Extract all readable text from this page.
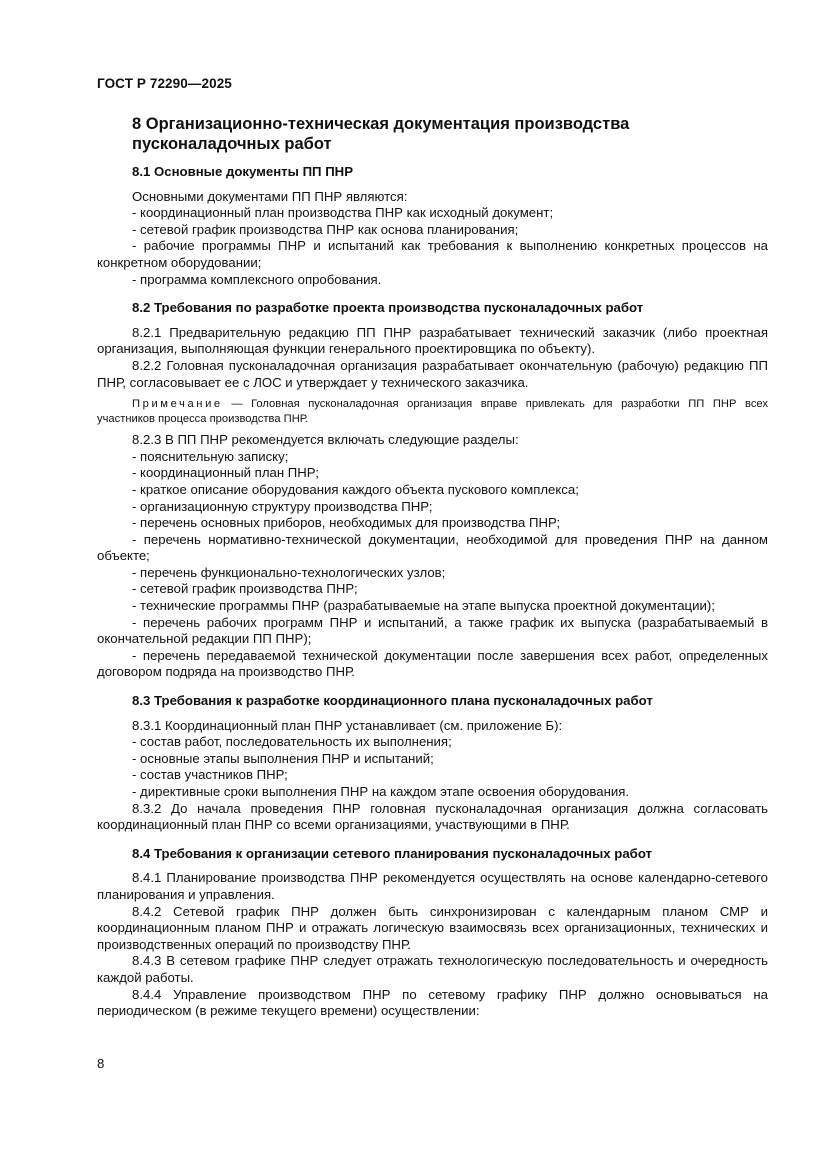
ГОСТ Р 72290—2025
8 Организационно-техническая документация производства
пусконаладочных работ
8.1 Основные документы ПП ПНР

Основными документами ПП ПНР являются:

- координационный план производства ПНР как исходный документ;

- сетевой график производства ПНР как основа планирования;

- рабочие программы ПНР и испытаний как требования к выполнению конкретных процессов на конкретном оборудовании;

- программа комплексного опробования.

8.2 Требования по разработке проекта производства пусконаладочных работ

8.2.1 Предварительную редакцию ПП ПНР разрабатывает технический заказчик (либо проектная организация, выполняющая функции генерального проектировщика по объекту).

8.2.2 Головная пусконаладочная организация разрабатывает окончательную (рабочую) редакцию ПП ПНР, согласовывает ее с ЛОС и утверждает у технического заказчика.

Примечание — Головная пусконаладочная организация вправе привлекать для разработки ПП ПНР всех участников процесса производства ПНР.

8.2.3 В ПП ПНР рекомендуется включать следующие разделы:

- пояснительную записку;

- координационный план ПНР;

- краткое описание оборудования каждого объекта пускового комплекса;

- организационную структуру производства ПНР;

- перечень основных приборов, необходимых для производства ПНР;

- перечень нормативно-технической документации, необходимой для проведения ПНР на данном объекте;

- перечень функционально-технологических узлов;

- сетевой график производства ПНР;

- технические программы ПНР (разрабатываемые на этапе выпуска проектной документации);

- перечень рабочих программ ПНР и испытаний, а также график их выпуска (разрабатываемый в окончательной редакции ПП ПНР);

- перечень передаваемой технической документации после завершения всех работ, определенных договором подряда на производство ПНР.

8.3 Требования к разработке координационного плана пусконаладочных работ

8.3.1 Координационный план ПНР устанавливает (см. приложение Б):

- состав работ, последовательность их выполнения;

- основные этапы выполнения ПНР и испытаний;

- состав участников ПНР;

- директивные сроки выполнения ПНР на каждом этапе освоения оборудования.

8.3.2 До начала проведения ПНР головная пусконаладочная организация должна согласовать координационный план ПНР со всеми организациями, участвующими в ПНР.

8.4 Требования к организации сетевого планирования пусконаладочных работ

8.4.1 Планирование производства ПНР рекомендуется осуществлять на основе календарно-сетевого планирования и управления.

8.4.2 Сетевой график ПНР должен быть синхронизирован с календарным планом СМР и координационным планом ПНР и отражать логическую взаимосвязь всех организационных, технических и производственных операций по производству ПНР.

8.4.3 В сетевом графике ПНР следует отражать технологическую последовательность и очередность каждой работы.

8.4.4 Управление производством ПНР по сетевому графику ПНР должно основываться на периодическом (в режиме текущего времени) осуществлении:

8
